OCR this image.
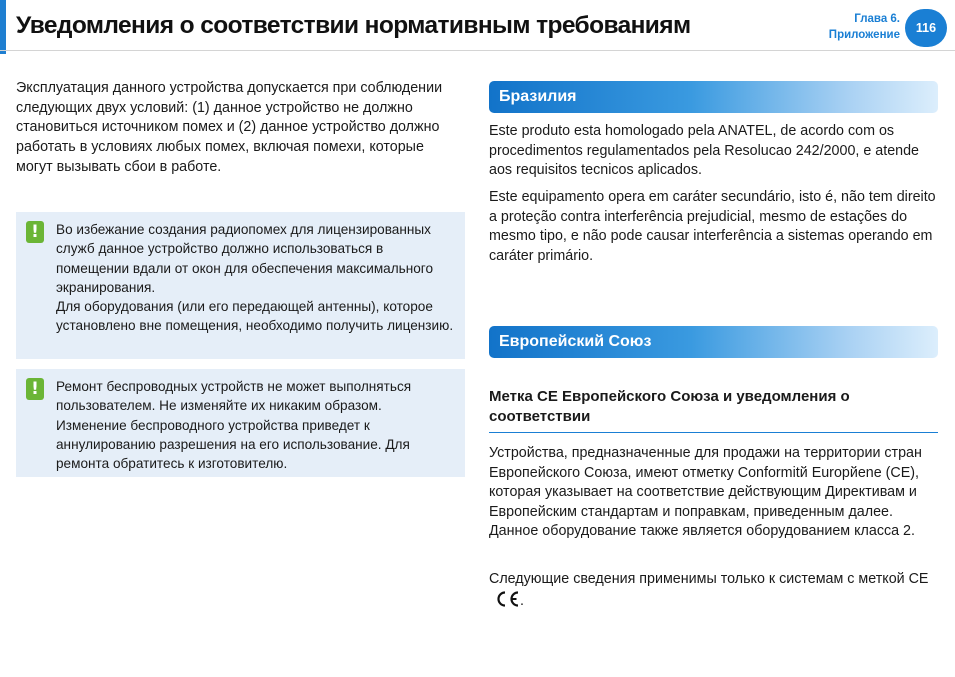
Уведомления о соответствии нормативным требованиям	Глава 6.
Приложение	116

Эксплуатация данного устройства допускается при соблюдении следующих двух условий: (1) данное устройство не должно становиться источником помех и (2) данное устройство должно работать в условиях любых помех, включая помехи, которые могут вызывать сбои в работе.

!	Во избежание создания радиопомех для лицензированных служб данное устройство должно использоваться в помещении вдали от окон для обеспечения максимального экранирования.

Для оборудования (или его передающей антенны), которое установлено вне помещения, необходимо получить лицензию.

!	Ремонт беспроводных устройств не может выполняться пользователем. Не изменяйте их никаким образом. Изменение беспроводного устройства приведет к аннулированию разрешения на его использование. Для ремонта обратитесь к изготовителю.

Бразилия

Este produto esta homologado pela ANATEL, de acordo com os procedimentos regulamentados pela Resolucao 242/2000, e atende aos requisitos tecnicos aplicados.

Este equipamento opera em caráter secundário, isto é, não tem direito a proteção contra interferência prejudicial, mesmo de estações do mesmo tipo, e não pode causar interferência a sistemas operando em caráter primário.

Европейский Союз
Метка CE Европейского Союза и уведомления о соответствии

Устройства, предназначенные для продажи на территории стран Европейского Союза, имеют отметку Conformitй Europйene (CE), которая указывает на соответствие действующим Директивам и Европейским стандартам и поправкам, приведенным далее. Данное оборудование также является оборудованием класса 2.

Следующие сведения применимы только к системам с меткой CE.
